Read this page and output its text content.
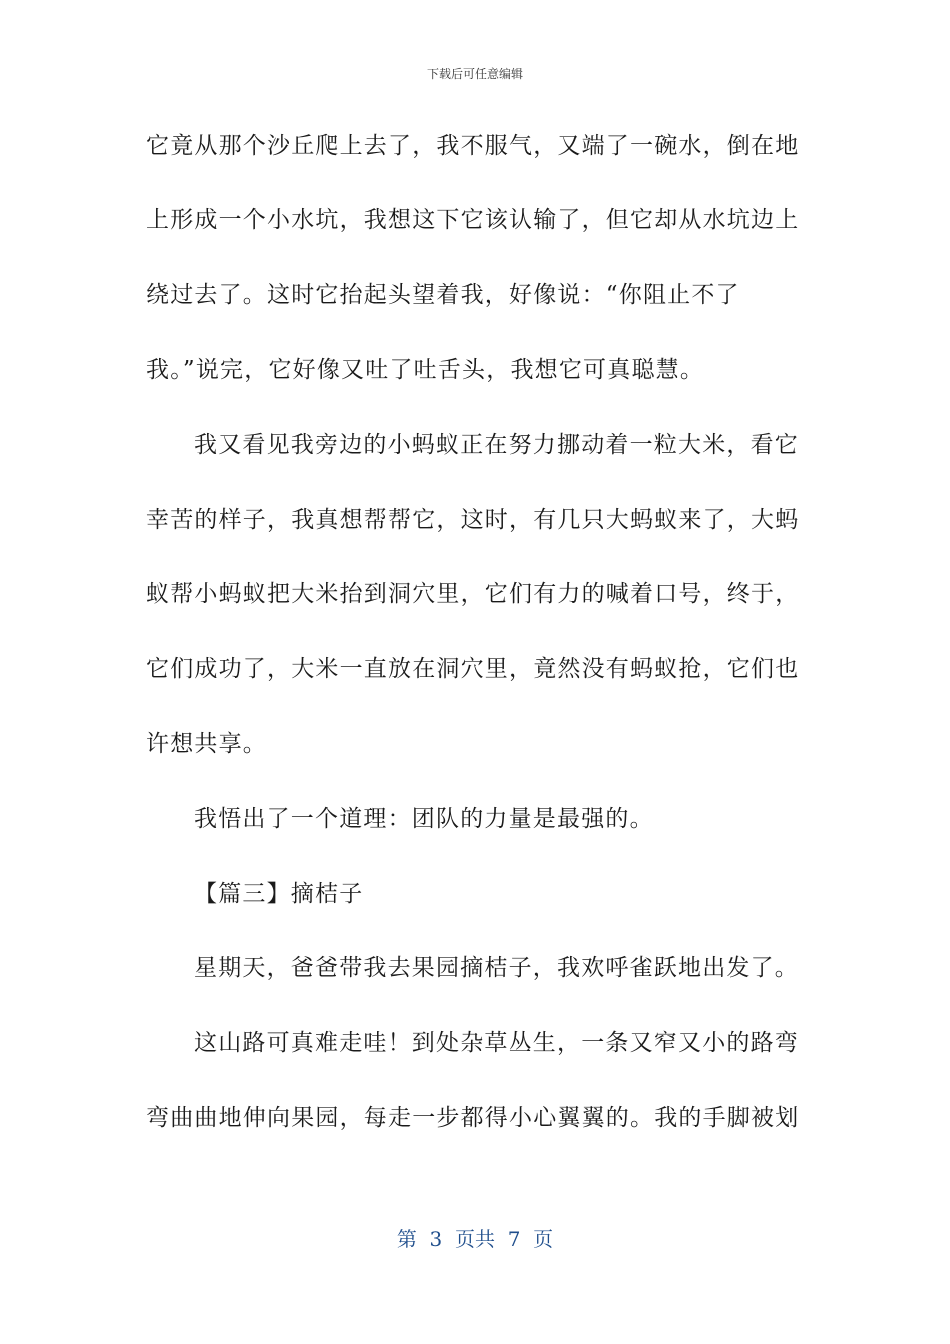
下载后可任意编辑
它竟从那个沙丘爬上去了，我不服气，又端了一碗水，倒在地
上形成一个小水坑，我想这下它该认输了，但它却从水坑边上
绕过去了。这时它抬起头望着我，好像说：“你阻止不了
我。”说完，它好像又吐了吐舌头，我想它可真聪慧。
我又看见我旁边的小蚂蚁正在努力挪动着一粒大米，看它
幸苦的样子，我真想帮帮它，这时，有几只大蚂蚁来了，大蚂
蚁帮小蚂蚁把大米抬到洞穴里，它们有力的喊着口号，终于，
它们成功了，大米一直放在洞穴里，竟然没有蚂蚁抢，它们也
许想共享。
我悟出了一个道理：团队的力量是最强的。
【篇三】摘桔子
星期天，爸爸带我去果园摘桔子，我欢呼雀跃地出发了。
这山路可真难走哇！到处杂草丛生，一条又窄又小的路弯
弯曲曲地伸向果园，每走一步都得小心翼翼的。我的手脚被划
第  3  页共  7  页
